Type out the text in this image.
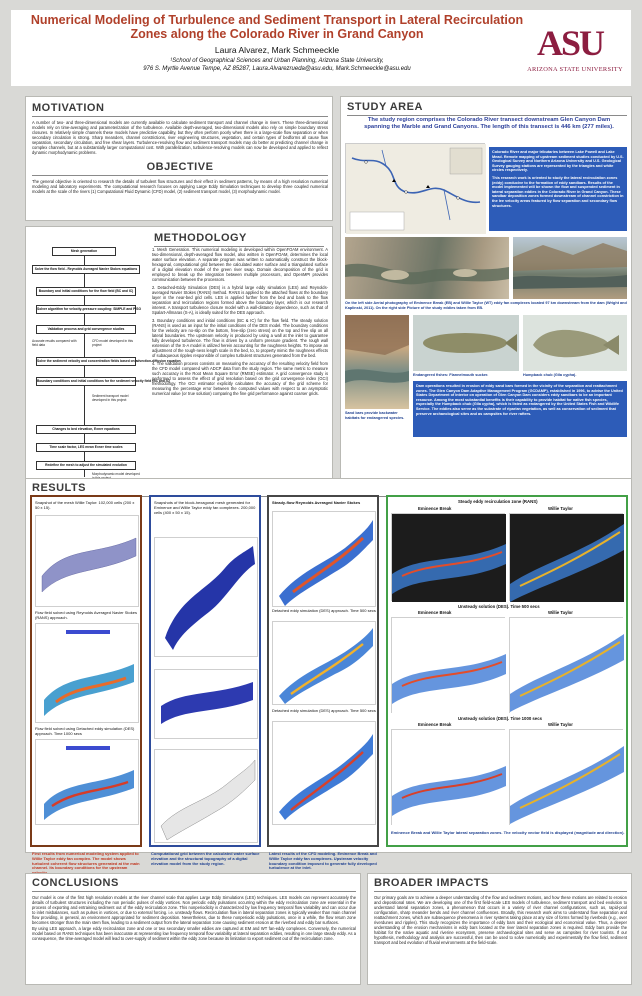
Numerical Modeling of Turbulence and Sediment Transport in Lateral Recirculation Zones along the Colorado River in Grand Canyon
Laura Alvarez, Mark Schmeeckle
¹School of Geographical Sciences and Urban Planning, Arizona State University,
976 S. Myrtle Avenue Tempe, AZ 85287, Laura.Alvarezrueda@asu.edu, Mark.Schmeeckle@asu.edu
ASU
ARIZONA STATE UNIVERSITY
MOTIVATION
A number of two- and three-dimensional models are currently available to calculate sediment transport and channel change in rivers. These three-dimensional models rely on time-averaging and parameterization of the turbulence. Available depth-averaged, two-dimensional models also rely on simple boundary stress closures. In relatively simple channels these models have predictive capability, but they often perform poorly when there is a large-scale flow separation or when secondary circulation is strong. Sharp meanders, channel constrictions, river engineering structures, vegetation, and certain types of bedforms all cause flow separation, secondary circulation, and free shear layers. Turbulence-resolving flow and sediment transport models may do better at predicting channel change in complex channels, but at a substantially larger computational cost. With parallelization, turbulence-resolving models can now be developed and applied to reflect dynamic morphodynamic problems.
OBJECTIVE
The general objective is oriented to research the details of turbulent flow structures and their effect in sediment patterns, by means of a high resolution numerical modeling and laboratory experiments. The computational research focuses on applying Large Eddy Simulation techniques to develop three coupled numerical models at the scale of the rivers (1) Computational Fluid Dynamic (CFD) model, (2) sediment transport model, (3) morphodynamic model.
METHODOLOGY
Mesh generation
Solve the flow field - Reynolds Averaged Navier Stokes equations
Boundary and initial conditions for the flow field (BC and IC)
Solver algorithm for velocity-pressure coupling: SIMPLE and PISO
Validation process and grid convergence studies
Solve the sediment velocity and concentration fields based on advection-diffusion equation
Boundary conditions and initial conditions for the sediment velocity field (BC and IC)
Changes to bed elevation, Exner equations
Time scale factor, LES mean Exner time scales
Redefine the mesh to adjust the simulated evolution
Accurate results compared with field data
CFD model developed in this project
Sediment transport model developed in this project
Morphodynamic model developed
1. Mesh Generation. This numerical modeling is developed within OpenFOAM environment. A two-dimensional, depth-averaged flow model, also written in OpenFOAM, determines the local water surface elevation. A separate program was written to automatically construct the block-hexagonal, computational grid between the calculated water surface and a triangulated surface of a digital elevation model of the green river swap. Domain decomposition of the grid is employed to break up the integration between multiple processors, and OpenMPI provides communication between the processors.
2. Detached-Eddy Simulation (DES) is a hybrid large eddy simulation (LES) and Reynolds-averaged Navier Stokes (RANS) method. RANS is applied to the attached flows at the boundary layer in the near-bed grid cells. LES is applied further from the bed and bank to the flow separation and recirculation regions formed above the boundary layer, which is our research interest. A transport turbulence closure model with a wall-distance dependence, such as that of Spalart-Allmaras (S-A), is ideally suited for the DES approach.
3. Boundary conditions and initial conditions (BC & IC) for the flow field. The steady solution (RANS) is used as an input for the initial conditions of the DES model. The boundary conditions for the velocity are no-slip on the bottom, free-slip (zero stress) on the top and free slip on all lateral boundaries. The upstream velocity is produced by using a wall at the inlet to guarantee fully developed turbulence. The flow is driven by a uniform pressure gradient. The rough wall extension of the S-A model is utilized herein accounting for the roughness heights. To impose an adjustment of the rough-ness length scale in the bed, to, to property mimic the roughness effects of subaqueous ripples responsible of complex turbulent structures generated from the bed.
4. The validation process consists on measuring the accuracy of the resulting velocity field from the CFD model compared with ADCP data from the study region. The same metric to measure such accuracy is the Root Mean Square Error (RMSE) estimator. A grid convergence study is performed to assess the effect of grid resolution based on the grid convergence index (GCI) methodology. The GCI estimator explicitly calculates the accuracy of the grid scheme for measuring the percentage error between the computed values with respect to an asymptotic numerical value (or true solution) comparing the fine grid performance against coarser grids.
STUDY AREA
The study region comprises the Colorado River transect downstream Glen Canyon Dam spanning the Marble and Grand Canyons. The length of this transect is 446 km (277 miles).
Colorado River and major tributaries between Lake Powell and Lake Mead. Remote mapping of upstream sediment studies conducted by U.S. Geological Survey and Northern Arizona University and U.S. Geological Survey gauging stations are represented by the triangles and white circles respectively.
This research work is oriented to study the lateral recirculation zones (eddy) conducive to the formation of eddy sandbars. Results of the model implemented will be shown the flow and suspended sediment in lateral separation eddies in the Colorado River in Grand Canyon. These sandbar deposition zones formed downstream of channel constriction in the lee velocity areas featured by flow separation and secondary flow structures.
On the left side Aerial photography of Eminence Break (EB) and Willie Taylor (WT) eddy fan complexes located 97 km downstream from the dam (Wright and Kaplinski, 2011). On the right side Picture of the study eddies taken from EB.
Sand bars provide backwater habitats for endangered species.
Endangered fishes: Flannelmouth sucker.	Humpback chub (Gila cypha).
Dam operations resulted in erosion of eddy sand bars formed in the vicinity of the separation and reattachment zones. The Glen Canyon Dam Adaptive Management Program (GCDAMP), established in 1996, to advise the United States Department of Interior on operation of Glen Canyon Dam considers eddy sandbars to be an important resource. Among the most substantial benefits is their capability to provide habitat for native fish species, especially the Humpback chub (Gila cypha), which is listed as endangered by the United States Fish and Wildlife Service. The eddies also serve as the substrate of riparian vegetation, as well as conservation of sediment that preserve archaeological sites and as campsites for river rafters.
RESULTS
Snapshot of the mesh Willie Taylor: 102,000 cells (200 x 50 x 15).
Flow field solved using Reynolds Averaged Navier Stokes (RANS) approach.
Flow field solved using Detached eddy simulation (DES) approach. Time 1000 secs
First results from numerical modeling system applied to Willie Taylor eddy fan complex. The model shows turbulent coherent flow structures generated at the main channel. Its boundary conditions for the upstream
Snapshots of the block-hexagonal mesh generated for Eminence and Willie Taylor eddy fan complexes. 200,000 cells (400 x 50 x 15).
Computational grid between the calculated water surface elevation and the structural topography of a digital elevation model from the study region.
Steady-flow Reynolds Averaged Navier Stokes
Detached eddy simulation (DES) approach. Time 500 secs
Detached eddy simulation (DES) approach. Time 500 secs
Latest results of the CFD modeling. Eminence Break and Willie Taylor eddy fan complexes. Upstream velocity boundary condition imposed to generate fully developed turbulence at the inlet.
Steady eddy recirculation zone (RANS)
Eminence Break	Willie Taylor
Unsteady solution (DES). Time 500 secs
Eminence Break	Willie Taylor
Unsteady solution (DES). Time 1000 secs
Eminence Break	Willie Taylor
Eminence Break and Willie Taylor lateral separation zones. The velocity vector field is displayed (magnitude and direction).
CONCLUSIONS
Our model is one of the first high resolution models at the river channel scale that applies Large Eddy Simulations (LES) techniques. LES models can represent accurately the details of turbulent structures including the non periodic pulses of eddy vortices. Non periodic eddy pulsations occurring within the eddy recirculation zone are essential in the process of exporting and entraining sediment out of the eddy recirculation zone. This nonperiodicity is characterized by low frequency temporal flow variability and can occur due to inlet misbalances, such as pulses in vortices, or due to external forcing. i.e. unsteady flows. Recirculation flow in lateral separation zones is typically weaker than main channel flow providing, in general, an environment appropriated for sediment deposition. Nevertheless, due to these nonperiodic eddy pulsations, once in a while, the flow return zone becomes stronger than the main stem flow, leading to a sediment output from the lateral separation zone causing sediment erosion at the riverbed and eddy bar surfaces.
By using LES approach, a large eddy recirculation zone and one or two secondary smaller eddies are captured at EM and WT fan-eddy complexes. Conversely, the numerical model based on RANS techniques has been inaccurate at representing low frequency temporal flow variability at lateral separation eddies, resulting in one large steady eddy. As a consequence, the time-averaged model will lead to over-supply of sediment within the eddy zone because its limitation to export sediment out of the recirculation zone.
BROADER IMPACTS
Our primary goals are to achieve a deeper understanding of the flow and sediment motions, and how these motions are related to erosion and depositional rates. We are developing one of the first field-scale LES models of turbulence, sediment transport and bed evolution to understand lateral separation zones, a phenomenon that occurs in a variety of river channel configurations, such as, rapid-pool configuration, sharp meander bends and river channel confluences. Broadly, this research work aims to understand flow separation and reattachment zones, which are subsequence phenomena in river systems taking place at any size of forms formed by riverbeds (e.g., over riverdunes and ripples). This study recognizes the importance of eddy bars and their ecological and economical value. Thus, a deeper understanding of the erosion mechanisms in eddy bars located at the river lateral separation zones is required. Eddy bars provide the habitat for the native aquatic and riverine ecosystem, preserve archaeological sites and serve as campsites for river tourists. If our hypothesis, methodology and analysis are successful, then can be used to solve numerically and experimentally the flow field, sediment transport and bed evolution of fluvial environments at the field-scale.
